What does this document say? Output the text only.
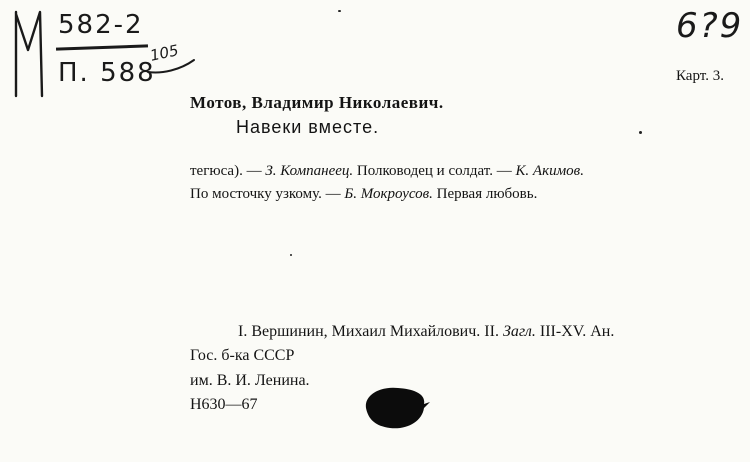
582-2
П. 588
105
6?9
Карт. 3.
Мотов, Владимир Николаевич.
Навеки вместе.
тегюса). — З. Компанеец. Полководец и солдат. — К. Акимов.
По мосточку узкому. — Б. Мокроусов. Первая любовь.
I. Вершинин, Михаил Михайлович. II. Загл. III-XV. Ан.
Гос. б-ка СССР
им. В. И. Ленина.
Н630—67
